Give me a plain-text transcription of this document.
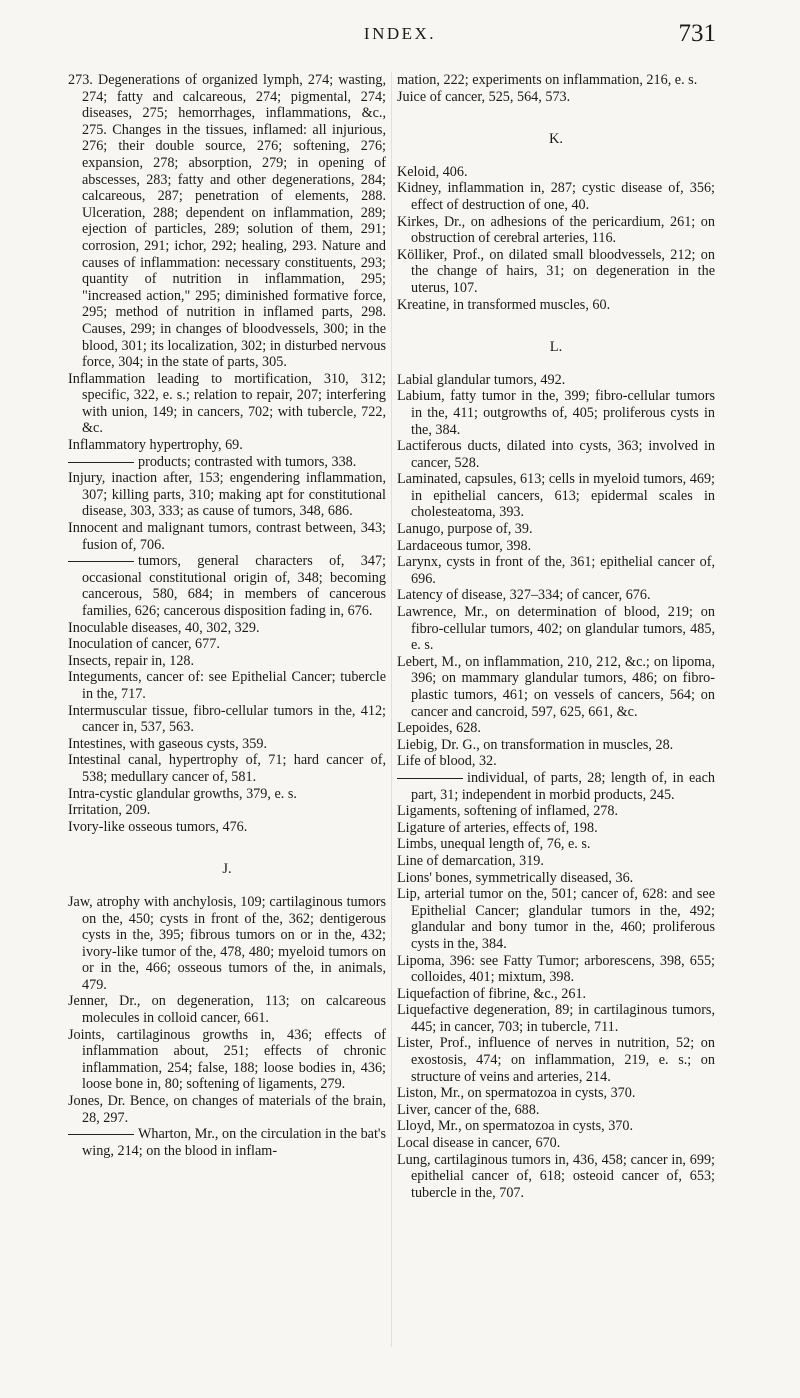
INDEX.	731

273. Degenerations of organized lymph, 274; wasting, 274; fatty and calcareous, 274; pigmental, 274; diseases, 275; hemorrhages, inflammations, &c., 275. Changes in the tissues, inflamed: all injurious, 276; their double source, 276; softening, 276; expansion, 278; absorption, 279; in opening of abscesses, 283; fatty and other degenerations, 284; calcareous, 287; penetration of elements, 288. Ulceration, 288; dependent on inflammation, 289; ejection of particles, 289; solution of them, 291; corrosion, 291; ichor, 292; healing, 293. Nature and causes of inflammation: necessary constituents, 293; quantity of nutrition in inflammation, 295; "increased action," 295; diminished formative force, 295; method of nutrition in inflamed parts, 298. Causes, 299; in changes of bloodvessels, 300; in the blood, 301; its localization, 302; in disturbed nervous force, 304; in the state of parts, 305.

Inflammation leading to mortification, 310, 312; specific, 322, e. s.; relation to repair, 207; interfering with union, 149; in cancers, 702; with tubercle, 722, &c.

Inflammatory hypertrophy, 69.

products; contrasted with tumors, 338.

Injury, inaction after, 153; engendering inflammation, 307; killing parts, 310; making apt for constitutional disease, 303, 333; as cause of tumors, 348, 686.

Innocent and malignant tumors, contrast between, 343; fusion of, 706.

tumors, general characters of, 347; occasional constitutional origin of, 348; becoming cancerous, 580, 684; in members of cancerous families, 626; cancerous disposition fading in, 676.

Inoculable diseases, 40, 302, 329.

Inoculation of cancer, 677.

Insects, repair in, 128.

Integuments, cancer of: see Epithelial Cancer; tubercle in the, 717.

Intermuscular tissue, fibro-cellular tumors in the, 412; cancer in, 537, 563.

Intestines, with gaseous cysts, 359.

Intestinal canal, hypertrophy of, 71; hard cancer of, 538; medullary cancer of, 581.

Intra-cystic glandular growths, 379, e. s.

Irritation, 209.

Ivory-like osseous tumors, 476.

J.

Jaw, atrophy with anchylosis, 109; cartilaginous tumors on the, 450; cysts in front of the, 362; dentigerous cysts in the, 395; fibrous tumors on or in the, 432; ivory-like tumor of the, 478, 480; myeloid tumors on or in the, 466; osseous tumors of the, in animals, 479.

Jenner, Dr., on degeneration, 113; on calcareous molecules in colloid cancer, 661.

Joints, cartilaginous growths in, 436; effects of inflammation about, 251; effects of chronic inflammation, 254; false, 188; loose bodies in, 436; loose bone in, 80; softening of ligaments, 279.

Jones, Dr. Bence, on changes of materials of the brain, 28, 297.

Wharton, Mr., on the circulation in the bat's wing, 214; on the blood in inflam-

mation, 222; experiments on inflammation, 216, e. s.

Juice of cancer, 525, 564, 573.

K.

Keloid, 406.

Kidney, inflammation in, 287; cystic disease of, 356; effect of destruction of one, 40.

Kirkes, Dr., on adhesions of the pericardium, 261; on obstruction of cerebral arteries, 116.

Kölliker, Prof., on dilated small bloodvessels, 212; on the change of hairs, 31; on degeneration in the uterus, 107.

Kreatine, in transformed muscles, 60.

L.

Labial glandular tumors, 492.

Labium, fatty tumor in the, 399; fibro-cellular tumors in the, 411; outgrowths of, 405; proliferous cysts in the, 384.

Lactiferous ducts, dilated into cysts, 363; involved in cancer, 528.

Laminated, capsules, 613; cells in myeloid tumors, 469; in epithelial cancers, 613; epidermal scales in cholesteatoma, 393.

Lanugo, purpose of, 39.

Lardaceous tumor, 398.

Larynx, cysts in front of the, 361; epithelial cancer of, 696.

Latency of disease, 327–334; of cancer, 676.

Lawrence, Mr., on determination of blood, 219; on fibro-cellular tumors, 402; on glandular tumors, 485, e. s.

Lebert, M., on inflammation, 210, 212, &c.; on lipoma, 396; on mammary glandular tumors, 486; on fibro-plastic tumors, 461; on vessels of cancers, 564; on cancer and cancroid, 597, 625, 661, &c.

Lepoides, 628.

Liebig, Dr. G., on transformation in muscles, 28.

Life of blood, 32.

individual, of parts, 28; length of, in each part, 31; independent in morbid products, 245.

Ligaments, softening of inflamed, 278.

Ligature of arteries, effects of, 198.

Limbs, unequal length of, 76, e. s.

Line of demarcation, 319.

Lions' bones, symmetrically diseased, 36.

Lip, arterial tumor on the, 501; cancer of, 628: and see Epithelial Cancer; glandular tumors in the, 492; glandular and bony tumor in the, 460; proliferous cysts in the, 384.

Lipoma, 396: see Fatty Tumor; arborescens, 398, 655; colloides, 401; mixtum, 398.

Liquefaction of fibrine, &c., 261.

Liquefactive degeneration, 89; in cartilaginous tumors, 445; in cancer, 703; in tubercle, 711.

Lister, Prof., influence of nerves in nutrition, 52; on exostosis, 474; on inflammation, 219, e. s.; on structure of veins and arteries, 214.

Liston, Mr., on spermatozoa in cysts, 370.

Liver, cancer of the, 688.

Lloyd, Mr., on spermatozoa in cysts, 370.

Local disease in cancer, 670.

Lung, cartilaginous tumors in, 436, 458; cancer in, 699; epithelial cancer of, 618; osteoid cancer of, 653; tubercle in the, 707.
